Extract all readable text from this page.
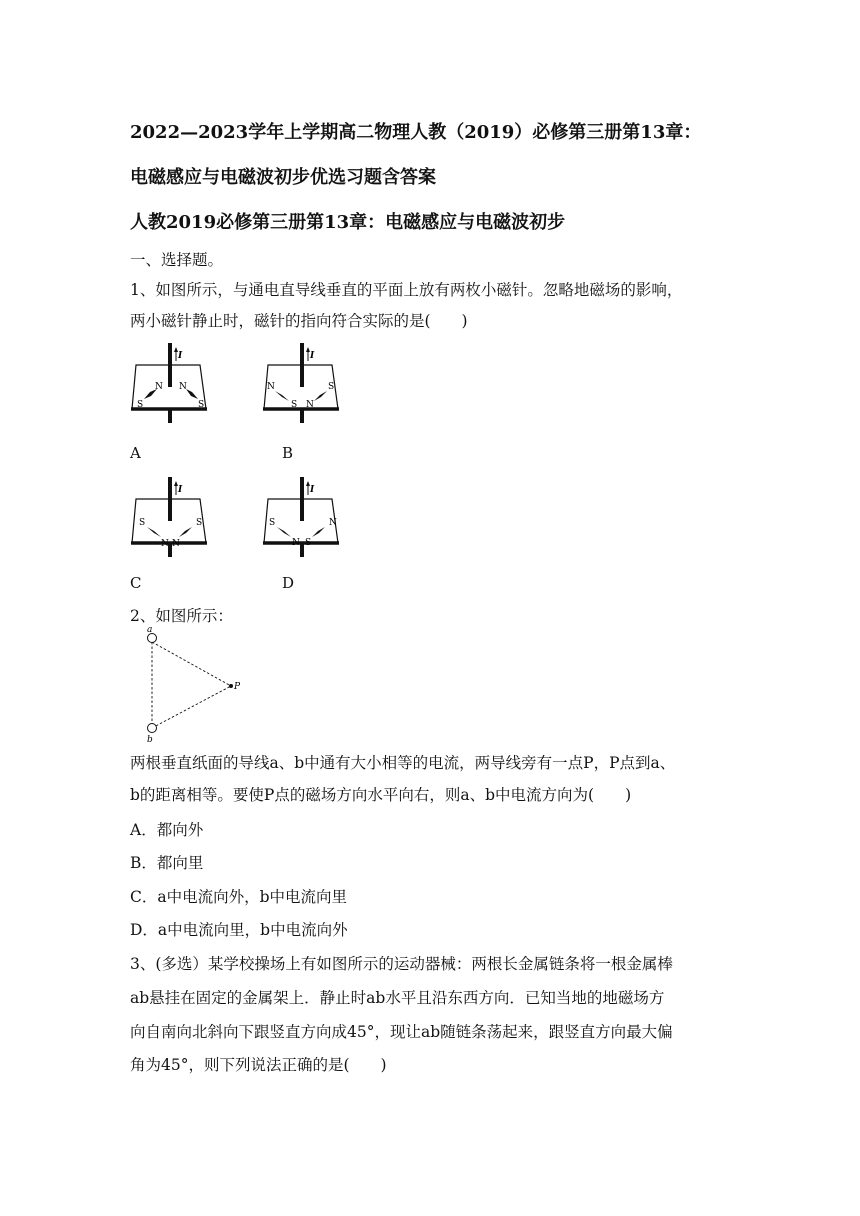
2022—2023学年上学期高二物理人教（2019）必修第三册第13章：
电磁感应与电磁波初步优选习题含答案
人教2019必修第三册第13章：电磁感应与电磁波初步
一、选择题。
1、如图所示，与通电直导线垂直的平面上放有两枚小磁针。忽略地磁场的影响，
两小磁针静止时，磁针的指向符合实际的是(　　)
I
S
N N
S
I
N
S N
S
A	B
I
S
N N
S
I
S
N S
N
C	D
2、如图所示：
a
b
P
两根垂直纸面的导线a、b中通有大小相等的电流，两导线旁有一点P，P点到a、
b的距离相等。要使P点的磁场方向水平向右，则a、b中电流方向为(　　)
A．都向外
B．都向里
C．a中电流向外，b中电流向里
D．a中电流向里，b中电流向外
3、(多选）某学校操场上有如图所示的运动器械：两根长金属链条将一根金属棒
ab悬挂在固定的金属架上．静止时ab水平且沿东西方向．已知当地的地磁场方
向自南向北斜向下跟竖直方向成45°，现让ab随链条荡起来，跟竖直方向最大偏
角为45°，则下列说法正确的是(　　)
